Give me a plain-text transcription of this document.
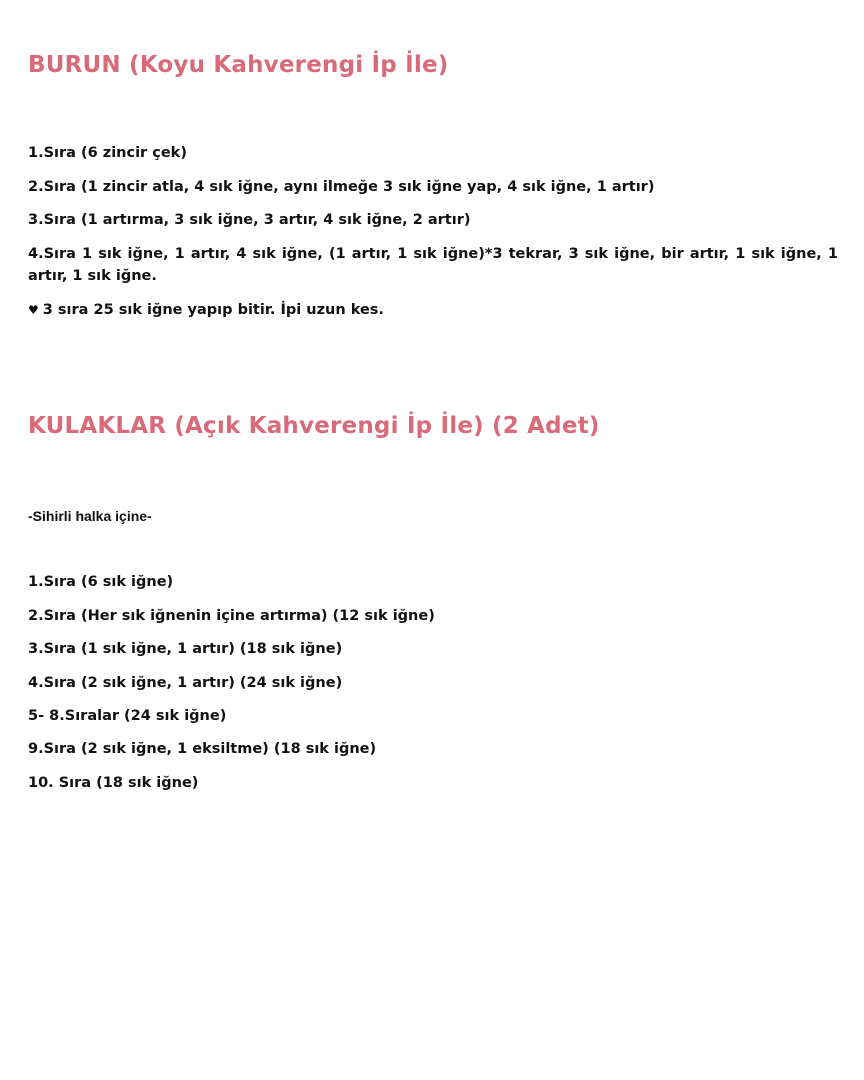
BURUN (Koyu Kahverengi İp İle)

1.Sıra (6 zincir çek)

2.Sıra (1 zincir atla, 4 sık iğne, aynı ilmeğe 3 sık iğne yap, 4 sık iğne, 1 artır)

3.Sıra (1 artırma, 3 sık iğne, 3 artır, 4 sık iğne, 2 artır)

4.Sıra 1 sık iğne, 1 artır, 4 sık iğne, (1 artır, 1 sık iğne)*3 tekrar, 3 sık iğne, bir artır, 1 sık iğne, 1 artır, 1 sık iğne.

♥ 3 sıra 25 sık iğne yapıp bitir. İpi uzun kes.

KULAKLAR (Açık Kahverengi İp İle) (2 Adet)

-Sihirli halka içine-

1.Sıra (6 sık iğne)

2.Sıra (Her sık iğnenin içine artırma) (12 sık iğne)

3.Sıra (1 sık iğne, 1 artır) (18 sık iğne)

4.Sıra (2 sık iğne, 1 artır) (24 sık iğne)

5- 8.Sıralar (24 sık iğne)

9.Sıra (2 sık iğne, 1 eksiltme) (18 sık iğne)

10. Sıra (18 sık iğne)
